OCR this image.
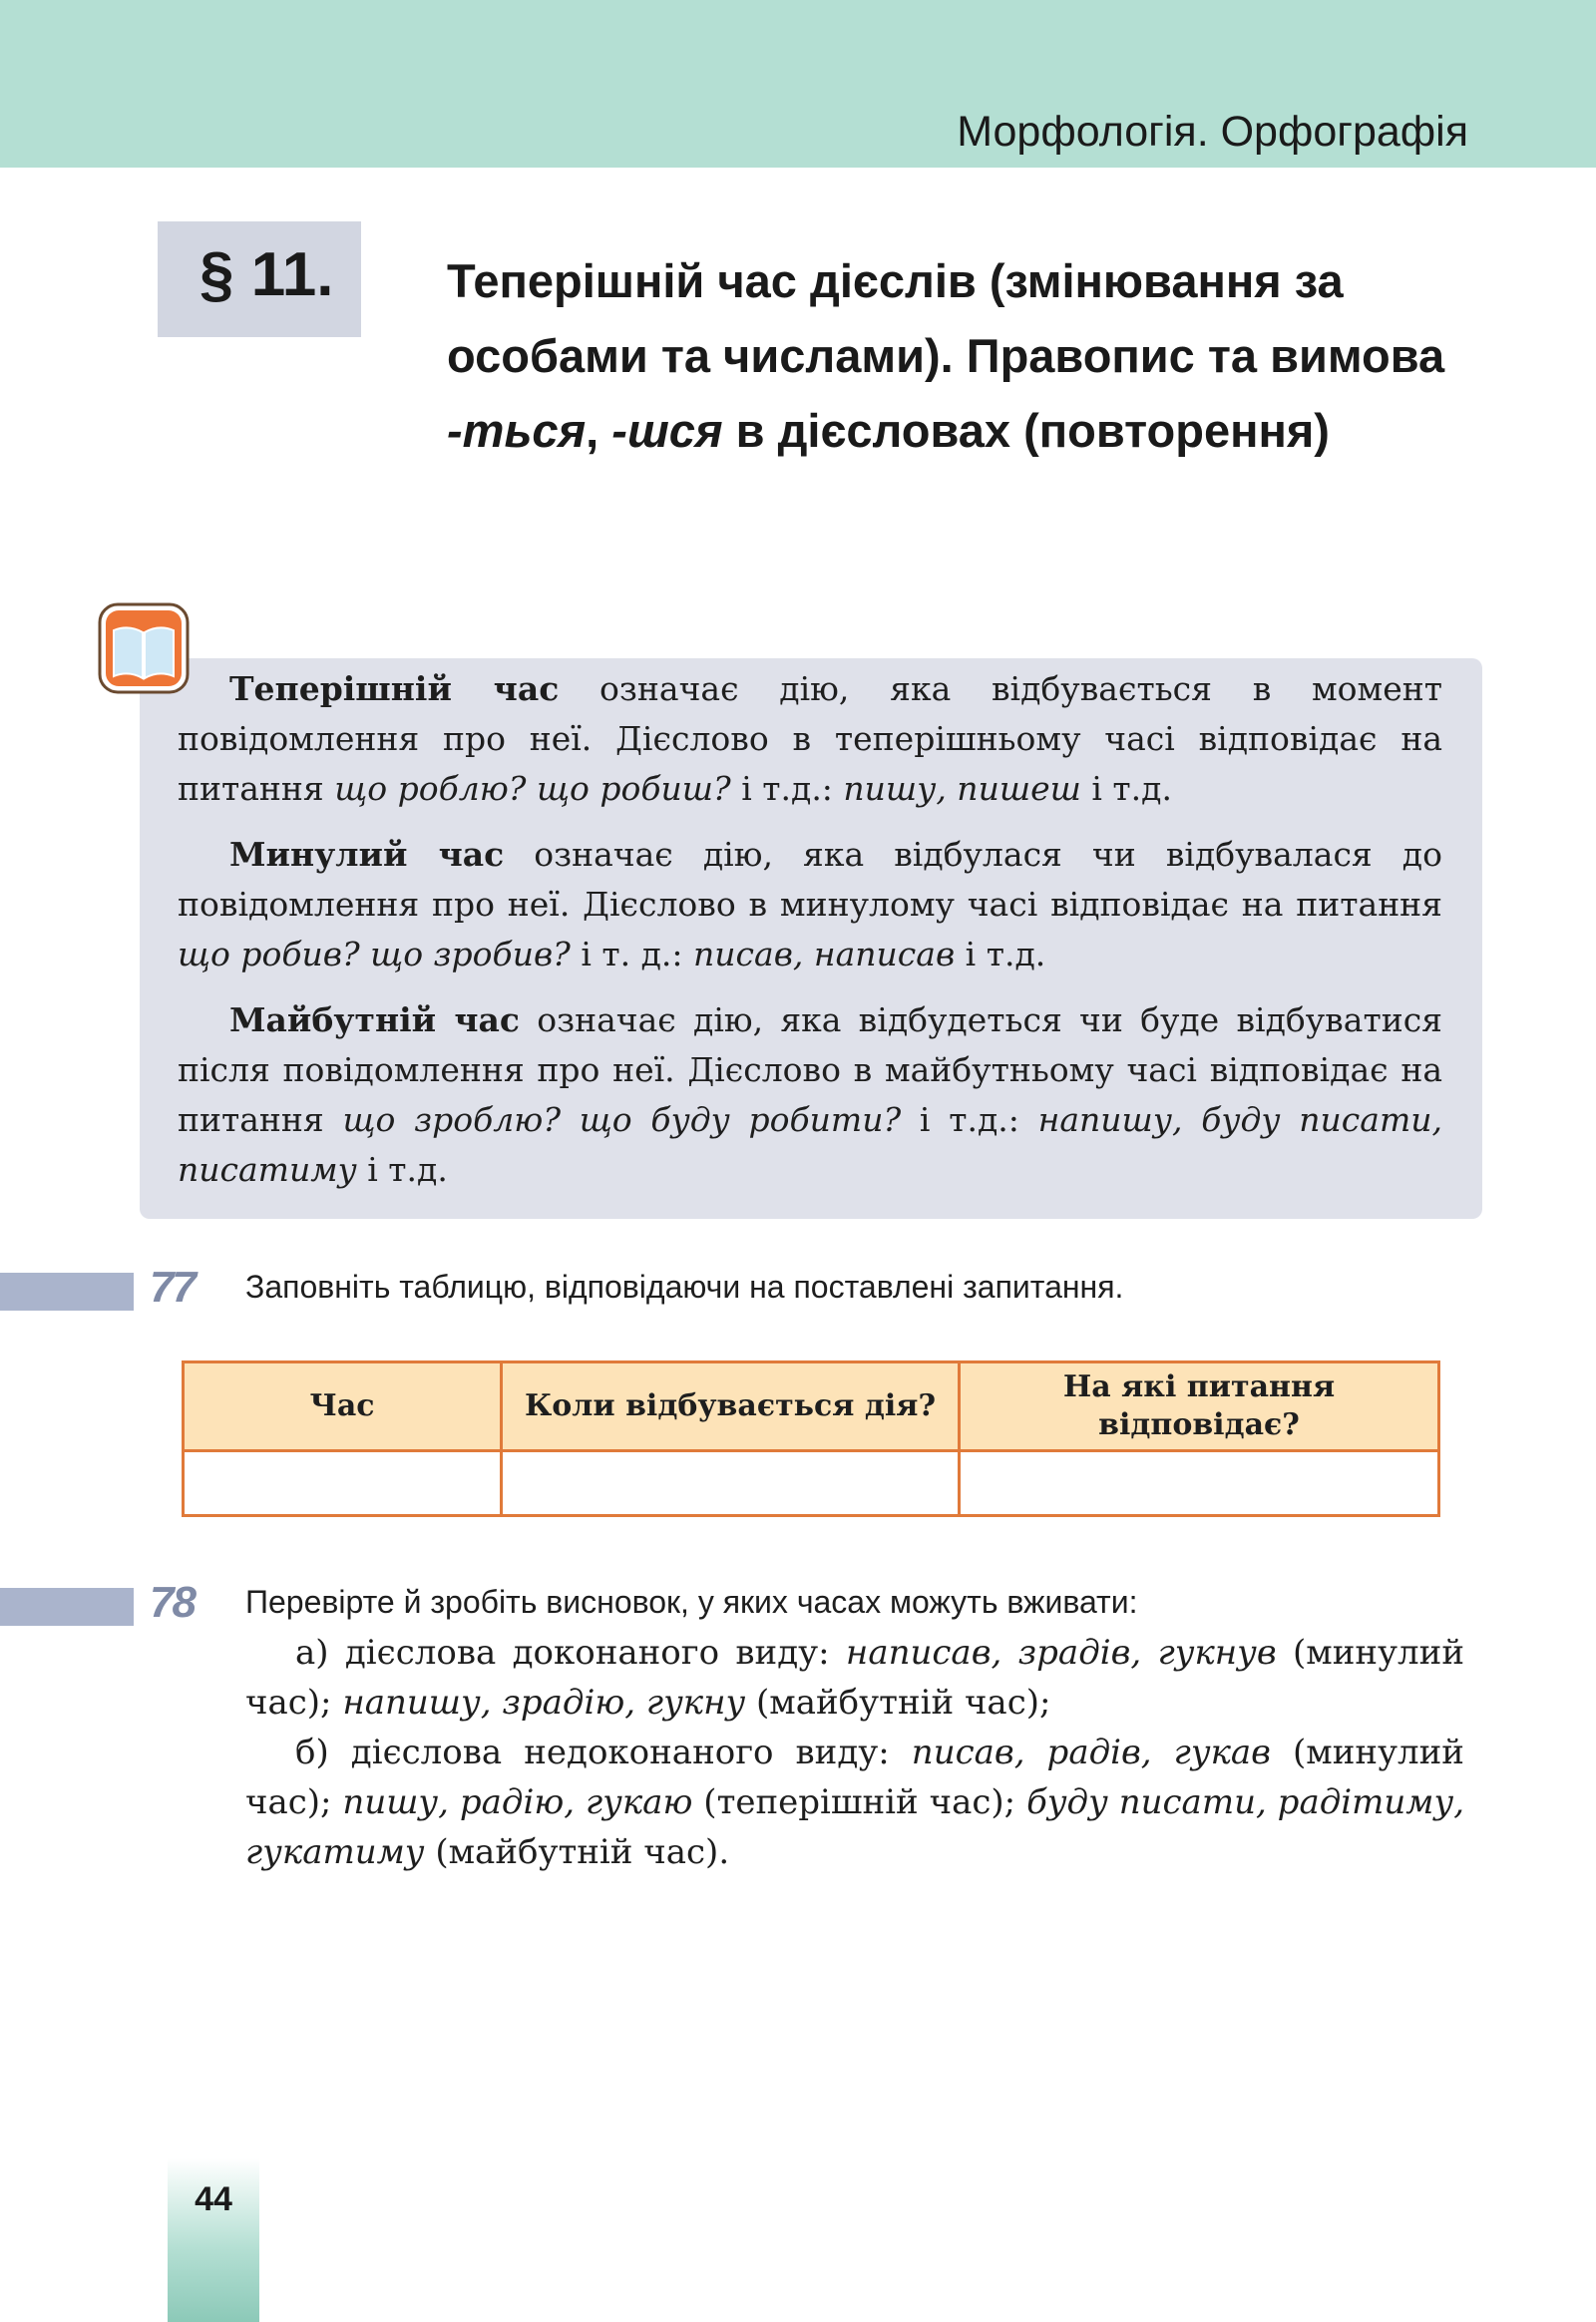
Морфологія. Орфографія
§ 11. Теперішній час дієслів (змінювання за особами та числами). Правопис та вимова -ться, -шся в дієсловах (повторення)

Теперішній час означає дію, яка відбувається в момент повідомлення про неї. Дієслово в теперішньому часі відповідає на питання що роблю? що робиш? і т.д.: пишу, пишеш і т.д.

Минулий час означає дію, яка відбулася чи відбувалася до повідомлення про неї. Дієслово в минулому часі відповідає на питання що робив? що зробив? і т. д.: писав, написав і т.д.

Майбутній час означає дію, яка відбудеться чи буде відбуватися після повідомлення про неї. Дієслово в майбутньому часі відповідає на питання що зроблю? що буду робити? і т.д.: напишу, буду писати, писатиму і т.д.

77 Заповніть таблицю, відповідаючи на поставлені запитання.
Час	Коли відбувається дія?	На які питання відповідає?

78 Перевірте й зробіть висновок, у яких часах можуть вживати:

а) дієслова доконаного виду: написав, зрадів, гукнув (минулий час); напишу, зрадію, гукну (майбутній час);

б) дієслова недоконаного виду: писав, радів, гукав (минулий час); пишу, радію, гукаю (теперішній час); буду писати, радітиму, гукатиму (майбутній час).

44
